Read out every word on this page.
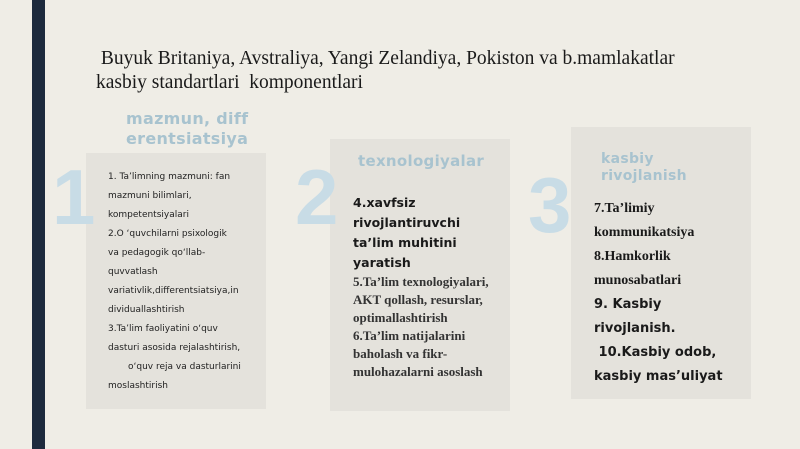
Buyuk Britaniya, Avstraliya, Yangi Zelandiya, Pokiston va b.mamlakatlar kasbiy standartlari  komponentlari
1	2 3
mazmun, differentsiatsiya
texnologiyalar	kasbiy rivojlanish

1. Ta’limning mazmuni: fan

mazmuni bilimlari,

kompetentsiyalari

2.O ‘quvchilarni psixologik

va pedagogik qo‘llab-

quvvatlash

variativlik,differentsiatsiya,in

dividuallashtirish

3.Ta’lim faoliyatini o‘quv

dasturi asosida rejalashtirish,

o‘quv reja va dasturlarini

moslashtirish

4.xavfsiz rivojlantiruvchi ta’lim muhitini yaratish

5.Ta’lim texnologiyalari, AKT qollash, resurslar, optimallashtirish

6.Ta’lim natijalarini baholash va fikr-mulohazalarni asoslash

7.Ta’limiy kommunikatsiya

8.Hamkorlik munosabatlari

9. Kasbiy rivojlanish.

10.Kasbiy odob, kasbiy mas’uliyat
